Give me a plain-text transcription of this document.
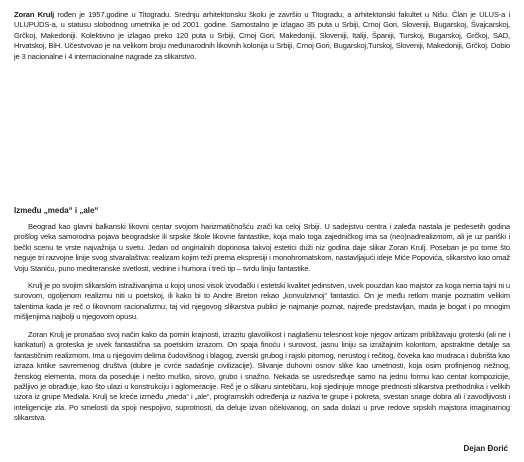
Zoran Krulj rođen je 1957.godine u Titogradu. Srednju arhitektonsku školu je završio u Titogradu, a arhitektonski fakultet u Nišu. Član je ULUS-a i ULUPUDS-a, u statusu slobodnog umetnika je od 2001. godine. Samostalno je izlagao 35 puta u Srbiji, Crnoj Gori, Sloveniji, Bugarskoj, Švajcarskoj, Grčkoj, Makedoniji. Kolektivno je izlagao preko 120 puta u Srbiji, Crnoj Gori, Makedoniji, Sloveniji, Italiji, Španiji, Turskoj, Bugarskoj, Grčkoj, SAD, Hrvatskoj, BiH. Učestvovao je na velikom broju međunarodnih likovnih kolonija u Srbiji, Crnoj Gori, Bugarskoj,Turskoj, Sloveniji, Makedoniji, Grčkoj. Dobio je 3 nacionalne i 4 internacionalne nagrade za slikarstvo.

Između „meda“ i „ale“

Beograd kao glavni balkanski likovni centar svojom harizmatičnošću zrači ka celoj Srbiji. U sadejstvu centra i zaleđa nastala je pedesetih godina prošlog veka samorodna pojava beogradske ili srpske škole likovne fantastike, koja malo toga zajedničkog ima sa (neo)nadrealizmom, ali je uz pariški i bečki scenu te vrste najvažnija u svetu. Jedan od originalnih doprinosa takvoj estetici duži niz godina daje slikar Zoran Krulj. Poseban je po tome što neguje tri razvojne linije svog stvaralaštva: realizam kojim teži prema ekspresiji i monohromatskom, nastavljajući ideje Miće Popovića, slikarstvo kao omaž Voju Staniću, puno mediteranske svetlosti, vedrine i humora i treći tip – tvrdu liniju fantastike.

Krulj je po svojim slikarskim istraživanjima u kojoj unosi visok izvođački i estetski kvalitet jedinstven, uvek pouzdan kao majstor za koga nema tajni ni u surovom, ogoljenom realizmu niti u poetskoj, ili kako bi to Andre Breton rekao „konvulzivnoj“ fantastici. On je među retkim manje poznatim velikim talentima kada je reč o likovnom racionalizmu; taj vid njegovog slikarstva publici je najmanje poznat, najređe predstavljan, mada je bogat i po mnogim mišljenjima najbolji u njegovom opusu.

Zoran Krulj je pronašao svoj način kako da pomiri krajnosti, izrazitu glavolikost i naglašenu telesnost koje njegov artizam približavaju groteski (ali ne i karikaturi) a groteska je uvek fantastična sa poetskim izrazom. On spaja finoću i surovost, jasnu liniju sa izražajnim koloritom, apstraktne detalje sa fantastičnim realizmom. Ima u njegovim delima čudovišnog i blagog, zverski grubog i rajski pitomog, nerustog i rečitog, čoveka kao mudraca i dubrišta kao izraza kritike savremenog društva (dubre je cvrće sadašnje civilizacije). Slivanje duhovni osnov slike kao umetnosti, koja osim profinjenog nežnog, ženskog elementa, mora da poseduje i nešto muško, sirovo, grubo i snažno. Nekada se usredsređuje samo na jednu formu kao centar kompozicije, pažljivo je obrađuje, kao što ulazi u konstrukciju i aglomeracije. Reč je o slikaru sintetičaru, koji sjedinjuje mnoge prednosti slikarstva prethodnika i velikih uzora iz grupe Mediala. Krulj se kreće između „meda“ i „ale“, programskih određenja iz naziva te grupe i pokreta, svestan snage dobra ali i zavodljivosti i inteligencije zla. Po smelosti da spoji nespojivo, suprotnosti, da deluje izvan očekivanog, on sada dolazi u prve redove srpskih majstora imaginarnog slikarstva.

Dejan Đorić
